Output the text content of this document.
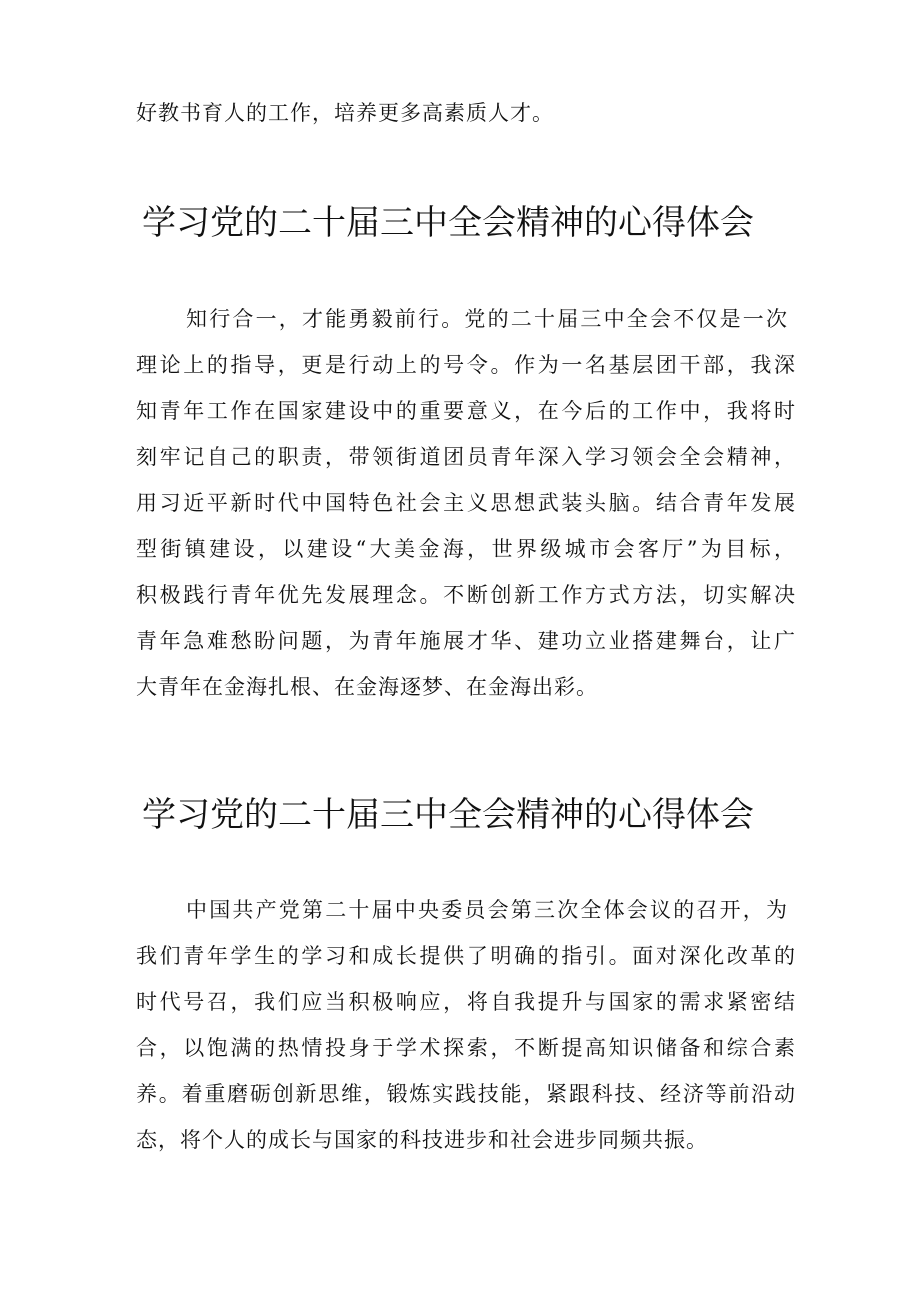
好教书育人的工作，培养更多高素质人才。
学习党的二十届三中全会精神的心得体会
知行合一，才能勇毅前行。党的二十届三中全会不仅是一次
理论上的指导，更是行动上的号令。作为一名基层团干部，我深
知青年工作在国家建设中的重要意义，在今后的工作中，我将时
刻牢记自己的职责，带领街道团员青年深入学习领会全会精神，
用习近平新时代中国特色社会主义思想武装头脑。结合青年发展
型街镇建设，以建设“大美金海，世界级城市会客厅”为目标，
积极践行青年优先发展理念。不断创新工作方式方法，切实解决
青年急难愁盼问题，为青年施展才华、建功立业搭建舞台，让广
大青年在金海扎根、在金海逐梦、在金海出彩。
学习党的二十届三中全会精神的心得体会
中国共产党第二十届中央委员会第三次全体会议的召开，为
我们青年学生的学习和成长提供了明确的指引。面对深化改革的
时代号召，我们应当积极响应，将自我提升与国家的需求紧密结
合，以饱满的热情投身于学术探索，不断提高知识储备和综合素
养。着重磨砺创新思维，锻炼实践技能，紧跟科技、经济等前沿动
态，将个人的成长与国家的科技进步和社会进步同频共振。
